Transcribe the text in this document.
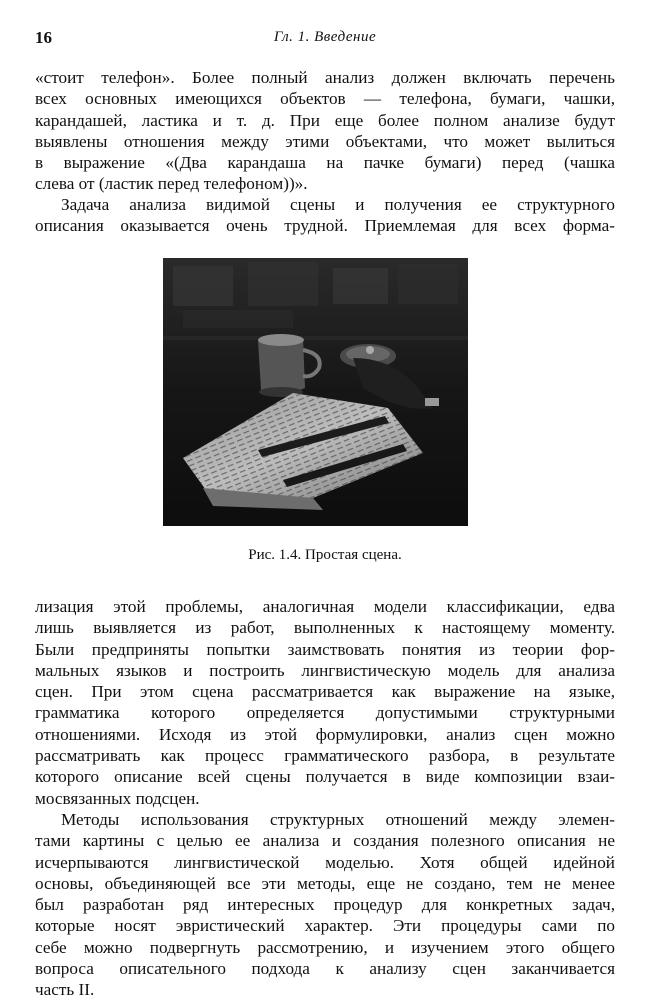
16	Гл. 1. Введение
«стоит телефон». Более полный анализ должен включать перечень
всех основных имеющихся объектов — телефона, бумаги, чашки,
карандашей, ластика и т. д. При еще более полном анализе будут
выявлены отношения между этими объектами, что может вылиться
в выражение «(Два карандаша на пачке бумаги) перед (чашка
слева от (ластик перед телефоном))».
Задача анализа видимой сцены и получения ее структурного
описания оказывается очень трудной. Приемлемая для всех форма-
Рис. 1.4. Простая сцена.
лизация этой проблемы, аналогичная модели классификации, едва
лишь выявляется из работ, выполненных к настоящему моменту.
Были предприняты попытки заимствовать понятия из теории фор-
мальных языков и построить лингвистическую модель для анализа
сцен. При этом сцена рассматривается как выражение на языке,
грамматика которого определяется допустимыми структурными
отношениями. Исходя из этой формулировки, анализ сцен можно
рассматривать как процесс грамматического разбора, в результате
которого описание всей сцены получается в виде композиции взаи-
мосвязанных подсцен.
Методы использования структурных отношений между элемен-
тами картины с целью ее анализа и создания полезного описания не
исчерпываются лингвистической моделью. Хотя общей идейной
основы, объединяющей все эти методы, еще не создано, тем не менее
был разработан ряд интересных процедур для конкретных задач,
которые носят эвристический характер. Эти процедуры сами по
себе можно подвергнуть рассмотрению, и изучением этого общего
вопроса описательного подхода к анализу сцен заканчивается
часть II.
